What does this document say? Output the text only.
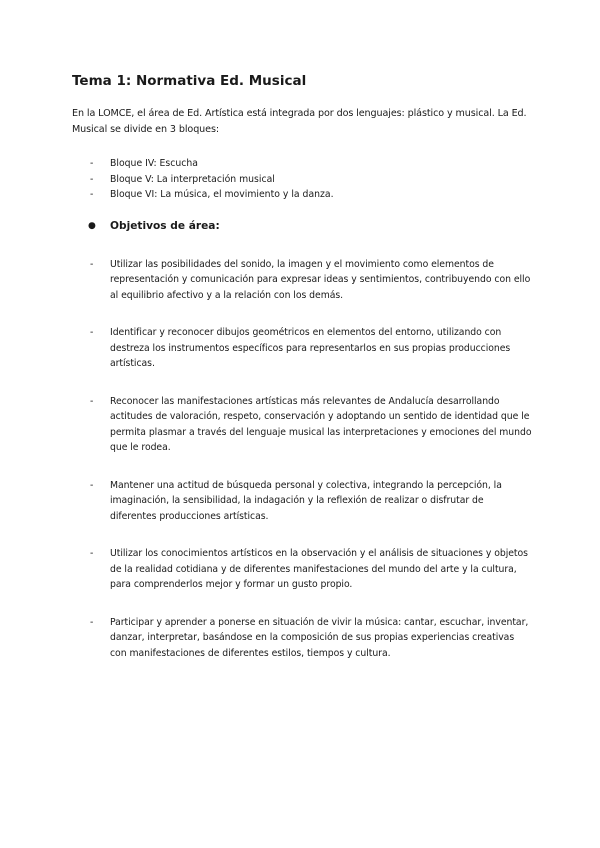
Tema 1: Normativa Ed. Musical

En la LOMCE, el área de Ed. Artística está integrada por dos lenguajes: plástico y musical. La Ed. Musical se divide en 3 bloques:

- Bloque IV: Escucha
- Bloque V: La interpretación musical
- Bloque VI: La música, el movimiento y la danza.
● Objetivos de área:
- Utilizar las posibilidades del sonido, la imagen y el movimiento como elementos de representación y comunicación para expresar ideas y sentimientos, contribuyendo con ello al equilibrio afectivo y a la relación con los demás.
- Identificar y reconocer dibujos geométricos en elementos del entorno, utilizando con destreza los instrumentos específicos para representarlos en sus propias producciones artísticas.
- Reconocer las manifestaciones artísticas más relevantes de Andalucía desarrollando actitudes de valoración, respeto, conservación y adoptando un sentido de identidad que le permita plasmar a través del lenguaje musical las interpretaciones y emociones del mundo que le rodea.
- Mantener una actitud de búsqueda personal y colectiva, integrando la percepción, la imaginación, la sensibilidad, la indagación y la reflexión de realizar o disfrutar de diferentes producciones artísticas.
- Utilizar los conocimientos artísticos en la observación y el análisis de situaciones y objetos de la realidad cotidiana y de diferentes manifestaciones del mundo del arte y la cultura, para comprenderlos mejor y formar un gusto propio.
- Participar y aprender a ponerse en situación de vivir la música: cantar, escuchar, inventar, danzar, interpretar, basándose en la composición de sus propias experiencias creativas con manifestaciones de diferentes estilos, tiempos y cultura.
